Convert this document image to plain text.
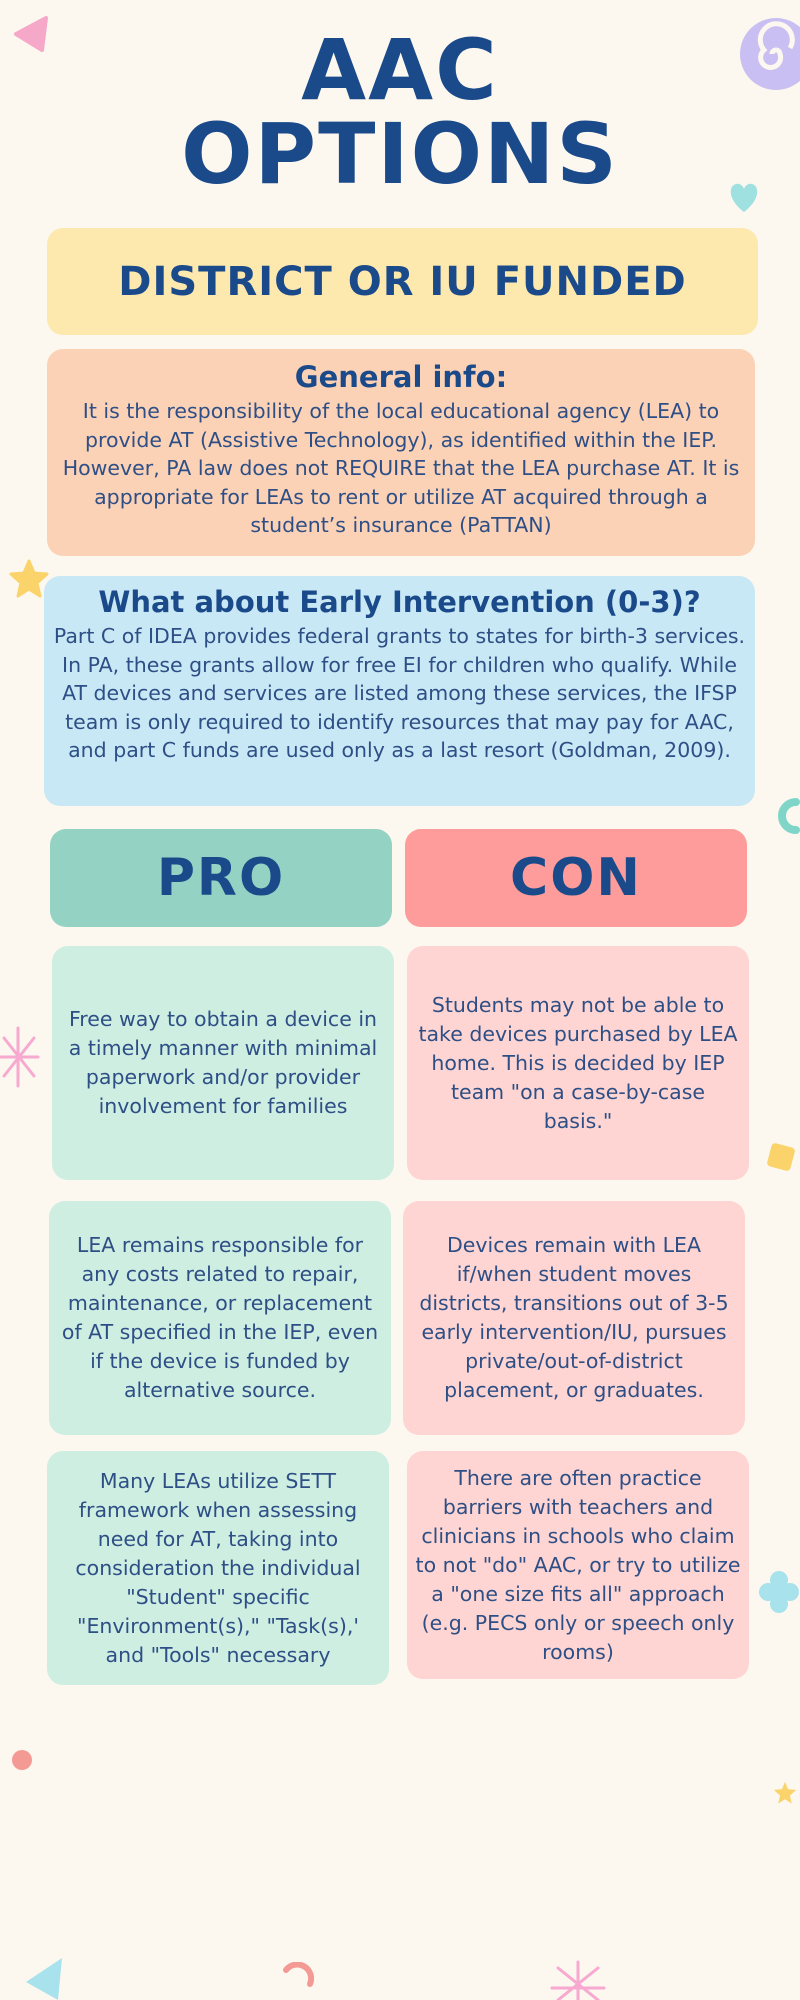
AAC
OPTIONS
DISTRICT OR IU FUNDED

General info:

It is the responsibility of the local educational agency (LEA) to provide AT (Assistive Technology), as identified within the IEP. However, PA law does not REQUIRE that the LEA purchase AT. It is appropriate for LEAs to rent or utilize AT acquired through a student’s insurance (PaTTAN)

What about Early Intervention (0-3)?

Part C of IDEA provides federal grants to states for birth-3 services. In PA, these grants allow for free EI for children who qualify. While AT devices and services are listed among these services, the IFSP team is only required to identify resources that may pay for AAC, and part C funds are used only as a last resort (Goldman, 2009).

PRO	CON
Free way to obtain a device in a timely manner with minimal paperwork and/or provider involvement for families
Students may not be able to take devices purchased by LEA home. This is decided by IEP team "on a case-by-case basis."
LEA remains responsible for any costs related to repair, maintenance, or replacement of AT specified in the IEP, even if the device is funded by alternative source.
Devices remain with LEA if/when student moves districts, transitions out of 3-5 early intervention/IU, pursues private/out-of-district placement, or graduates.
Many LEAs utilize SETT framework when assessing need for AT, taking into consideration the individual "Student" specific "Environment(s)," "Task(s),' and "Tools" necessary
There are often practice barriers with teachers and clinicians in schools who claim to not "do" AAC, or try to utilize a "one size fits all" approach (e.g. PECS only or speech only rooms)
